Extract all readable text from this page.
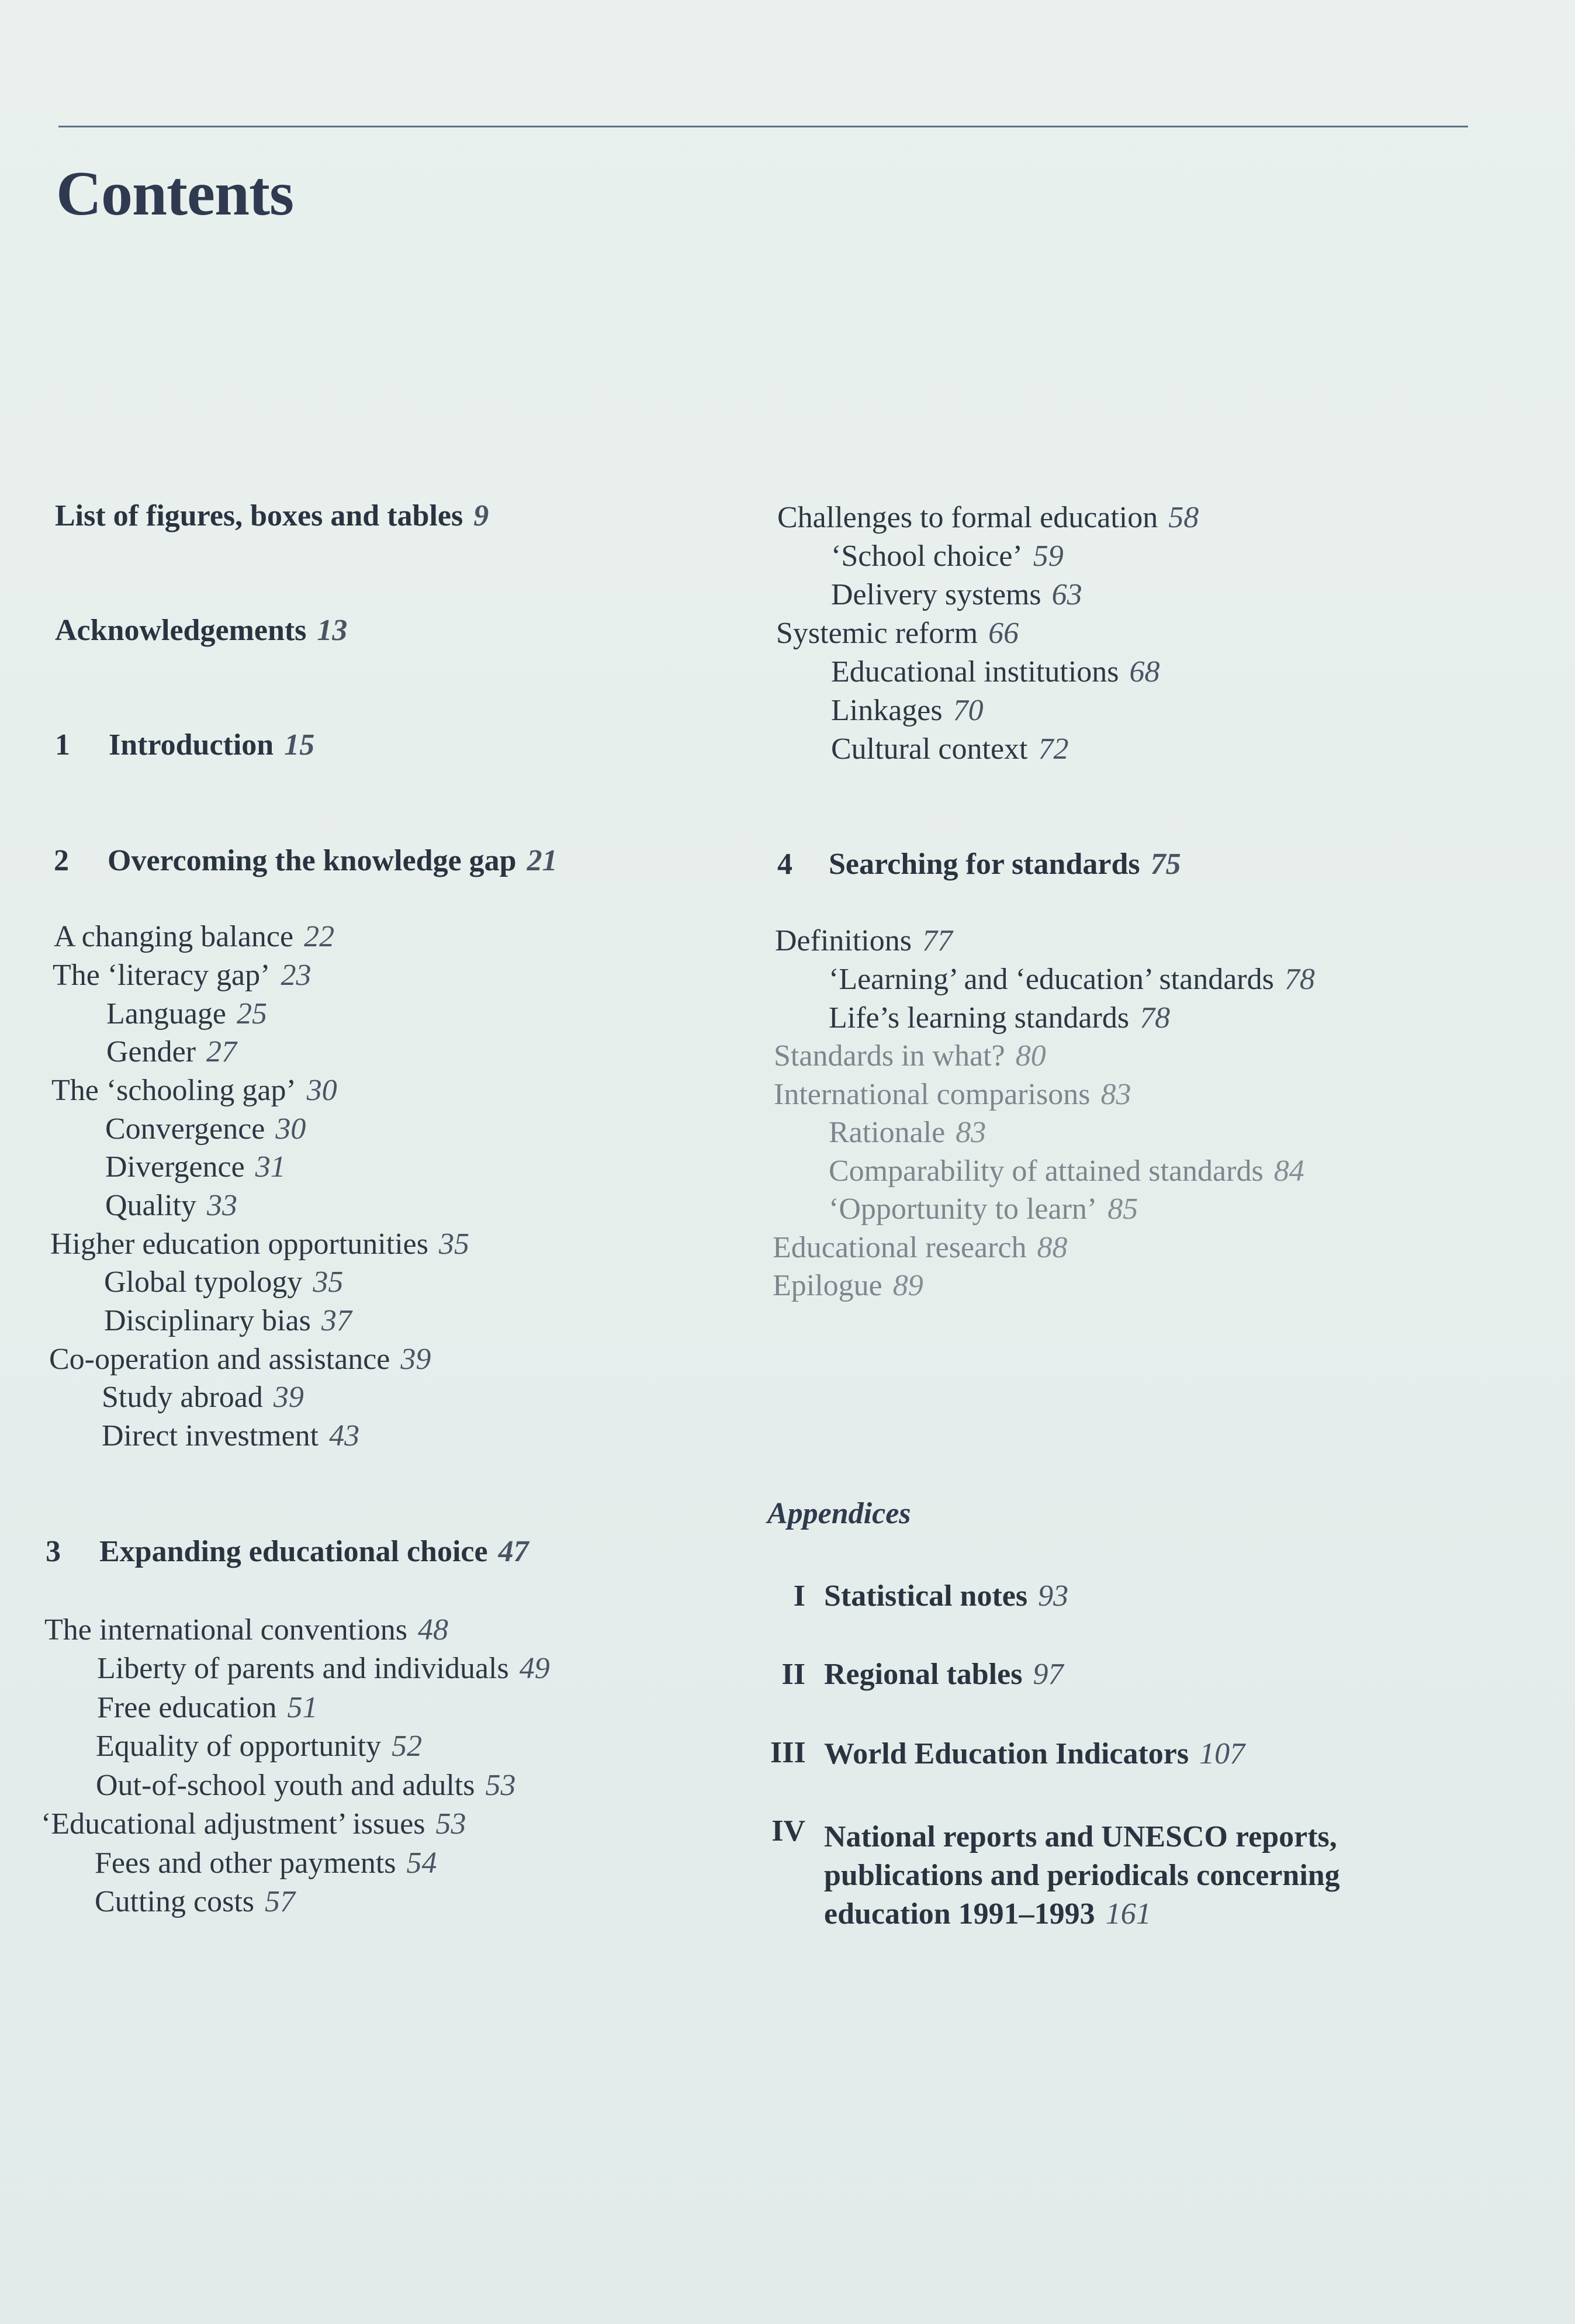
Contents
List of figures, boxes and tables 9
Acknowledgements 13
1 Introduction 15
2 Overcoming the knowledge gap 21
A changing balance 22
The ‘literacy gap’ 23
Language 25
Gender 27
The ‘schooling gap’ 30
Convergence 30
Divergence 31
Quality 33
Higher education opportunities 35
Global typology 35
Disciplinary bias 37
Co-operation and assistance 39
Study abroad 39
Direct investment 43
3 Expanding educational choice 47
The international conventions 48
Liberty of parents and individuals 49
Free education 51
Equality of opportunity 52
Out-of-school youth and adults 53
‘Educational adjustment’ issues 53
Fees and other payments 54
Cutting costs 57
Challenges to formal education 58
‘School choice’ 59
Delivery systems 63
Systemic reform 66
Educational institutions 68
Linkages 70
Cultural context 72
4 Searching for standards 75
Definitions 77
‘Learning’ and ‘education’ standards 78
Life’s learning standards 78
Standards in what? 80
International comparisons 83
Rationale 83
Comparability of attained standards 84
‘Opportunity to learn’ 85
Educational research 88
Epilogue 89
Appendices
I Statistical notes 93
II Regional tables 97
III World Education Indicators 107
IV National reports and UNESCO reports,
publications and periodicals concerning
education 1991–1993 161
